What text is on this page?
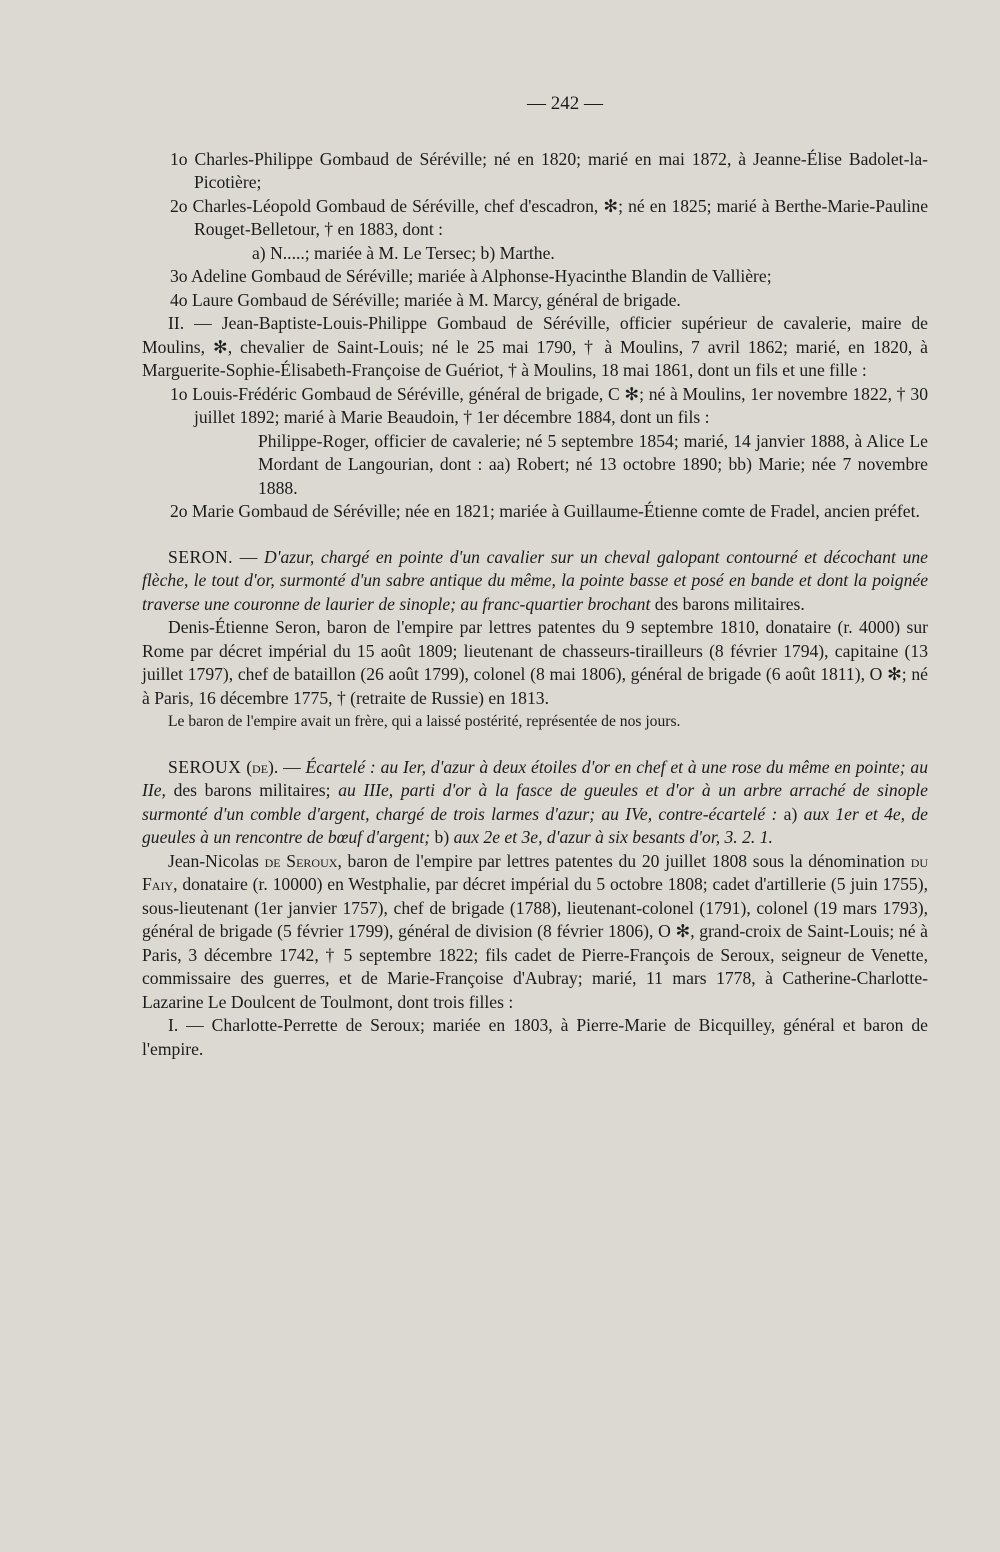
— 242 —

1o Charles-Philippe Gombaud de Séréville; né en 1820; marié en mai 1872, à Jeanne-Élise Badolet-la-Picotière;

2o Charles-Léopold Gombaud de Séréville, chef d'escadron, ✻; né en 1825; marié à Berthe-Marie-Pauline Rouget-Belletour, † en 1883, dont :

a) N.....; mariée à M. Le Tersec; b) Marthe.

3o Adeline Gombaud de Séréville; mariée à Alphonse-Hyacinthe Blandin de Vallière;

4o Laure Gombaud de Séréville; mariée à M. Marcy, général de brigade.

II. — Jean-Baptiste-Louis-Philippe Gombaud de Séréville, officier supérieur de cavalerie, maire de Moulins, ✻, chevalier de Saint-Louis; né le 25 mai 1790, † à Moulins, 7 avril 1862; marié, en 1820, à Marguerite-Sophie-Élisabeth-Françoise de Guériot, † à Moulins, 18 mai 1861, dont un fils et une fille :

1o Louis-Frédéric Gombaud de Séréville, général de brigade, C ✻; né à Moulins, 1er novembre 1822, † 30 juillet 1892; marié à Marie Beaudoin, † 1er décembre 1884, dont un fils :

Philippe-Roger, officier de cavalerie; né 5 septembre 1854; marié, 14 janvier 1888, à Alice Le Mordant de Langourian, dont : aa) Robert; né 13 octobre 1890; bb) Marie; née 7 novembre 1888.

2o Marie Gombaud de Séréville; née en 1821; mariée à Guillaume-Étienne comte de Fradel, ancien préfet.

SERON. — D'azur, chargé en pointe d'un cavalier sur un cheval galopant contourné et décochant une flèche, le tout d'or, surmonté d'un sabre antique du même, la pointe basse et posé en bande et dont la poignée traverse une couronne de laurier de sinople; au franc-quartier brochant des barons militaires.

Denis-Étienne Seron, baron de l'empire par lettres patentes du 9 septembre 1810, donataire (r. 4000) sur Rome par décret impérial du 15 août 1809; lieutenant de chasseurs-tirailleurs (8 février 1794), capitaine (13 juillet 1797), chef de bataillon (26 août 1799), colonel (8 mai 1806), général de brigade (6 août 1811), O ✻; né à Paris, 16 décembre 1775, † (retraite de Russie) en 1813.

Le baron de l'empire avait un frère, qui a laissé postérité, représentée de nos jours.

SEROUX (de). — Écartelé : au Ier, d'azur à deux étoiles d'or en chef et à une rose du même en pointe; au IIe, des barons militaires; au IIIe, parti d'or à la fasce de gueules et d'or à un arbre arraché de sinople surmonté d'un comble d'argent, chargé de trois larmes d'azur; au IVe, contre-écartelé : a) aux 1er et 4e, de gueules à un rencontre de bœuf d'argent; b) aux 2e et 3e, d'azur à six besants d'or, 3. 2. 1.

Jean-Nicolas de Seroux, baron de l'empire par lettres patentes du 20 juillet 1808 sous la dénomination du Faiy, donataire (r. 10000) en Westphalie, par décret impérial du 5 octobre 1808; cadet d'artillerie (5 juin 1755), sous-lieutenant (1er janvier 1757), chef de brigade (1788), lieutenant-colonel (1791), colonel (19 mars 1793), général de brigade (5 février 1799), général de division (8 février 1806), O ✻, grand-croix de Saint-Louis; né à Paris, 3 décembre 1742, † 5 septembre 1822; fils cadet de Pierre-François de Seroux, seigneur de Venette, commissaire des guerres, et de Marie-Françoise d'Aubray; marié, 11 mars 1778, à Catherine-Charlotte-Lazarine Le Doulcent de Toulmont, dont trois filles :

I. — Charlotte-Perrette de Seroux; mariée en 1803, à Pierre-Marie de Bicquilley, général et baron de l'empire.
